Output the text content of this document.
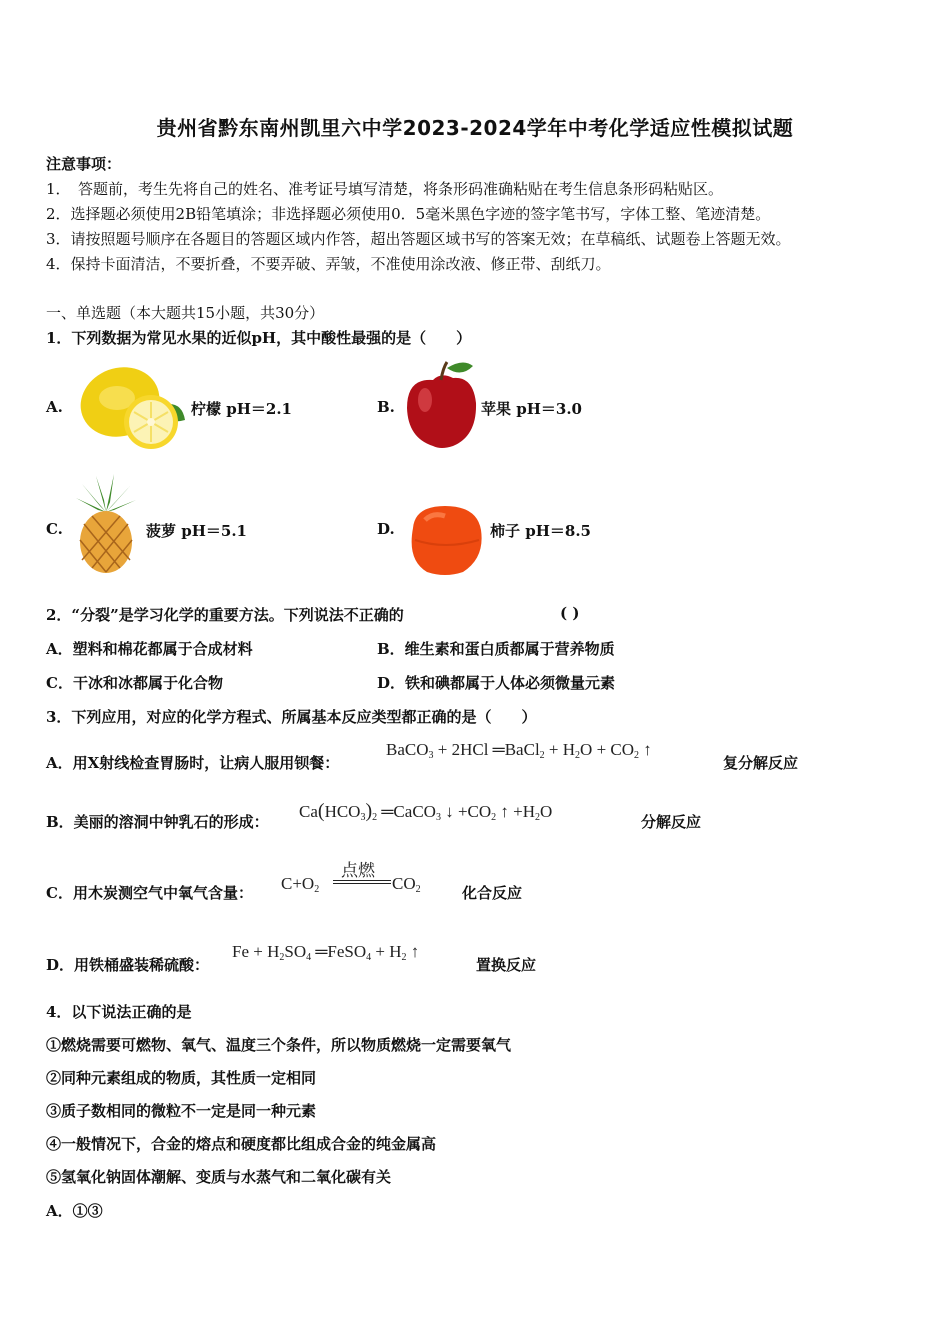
贵州省黔东南州凯里六中学2023-2024学年中考化学适应性模拟试题
注意事项：
1．　答题前，考生先将自己的姓名、准考证号填写清楚，将条形码准确粘贴在考生信息条形码粘贴区。
2．选择题必须使用2B铅笔填涂；非选择题必须使用0．5毫米黑色字迹的签字笔书写，字体工整、笔迹清楚。
3．请按照题号顺序在各题目的答题区域内作答，超出答题区域书写的答案无效；在草稿纸、试题卷上答题无效。
4．保持卡面清洁，不要折叠，不要弄破、弄皱，不准使用涂改液、修正带、刮纸刀。
一、单选题（本大题共15小题，共30分）
1．下列数据为常见水果的近似pH，其中酸性最强的是（　　）
A.	柠檬 pH＝2.1	B.	苹果 pH＝3.0
C.	菠萝 pH＝5.1	D.	柿子 pH＝8.5
2．“分裂”是学习化学的重要方法。下列说法不正确的	( )
A．塑料和棉花都属于合成材料	B．维生素和蛋白质都属于营养物质
C．干冰和冰都属于化合物	D．铁和碘都属于人体必须微量元素
3．下列应用，对应的化学方程式、所属基本反应类型都正确的是（　　）
A．用X射线检查胃肠时，让病人服用钡餐：
BaCO$_3$ + 2HCl ═BaCl$_2$ + $H_2O + CO_2$ ↑
复分解反应
B．美丽的溶洞中钟乳石的形成：
$Ca(HCO_3)_2$ ═CaCO$_3$ ↓ $+CO_2$ ↑ $+H_2O$
分解反应
C．用木炭测空气中氧气含量： $C+O_2$
点燃
$CO_2$	化合反应
D．用铁桶盛装稀硫酸：
$Fe + H_2SO_4$ ═FeSO$_4$ + $H_2$ ↑
置换反应
4．以下说法正确的是
①燃烧需要可燃物、氧气、温度三个条件，所以物质燃烧一定需要氧气
②同种元素组成的物质，其性质一定相同
③质子数相同的微粒不一定是同一种元素
④一般情况下，合金的熔点和硬度都比组成合金的纯金属高
⑤氢氧化钠固体潮解、变质与水蒸气和二氧化碳有关
A．①③
